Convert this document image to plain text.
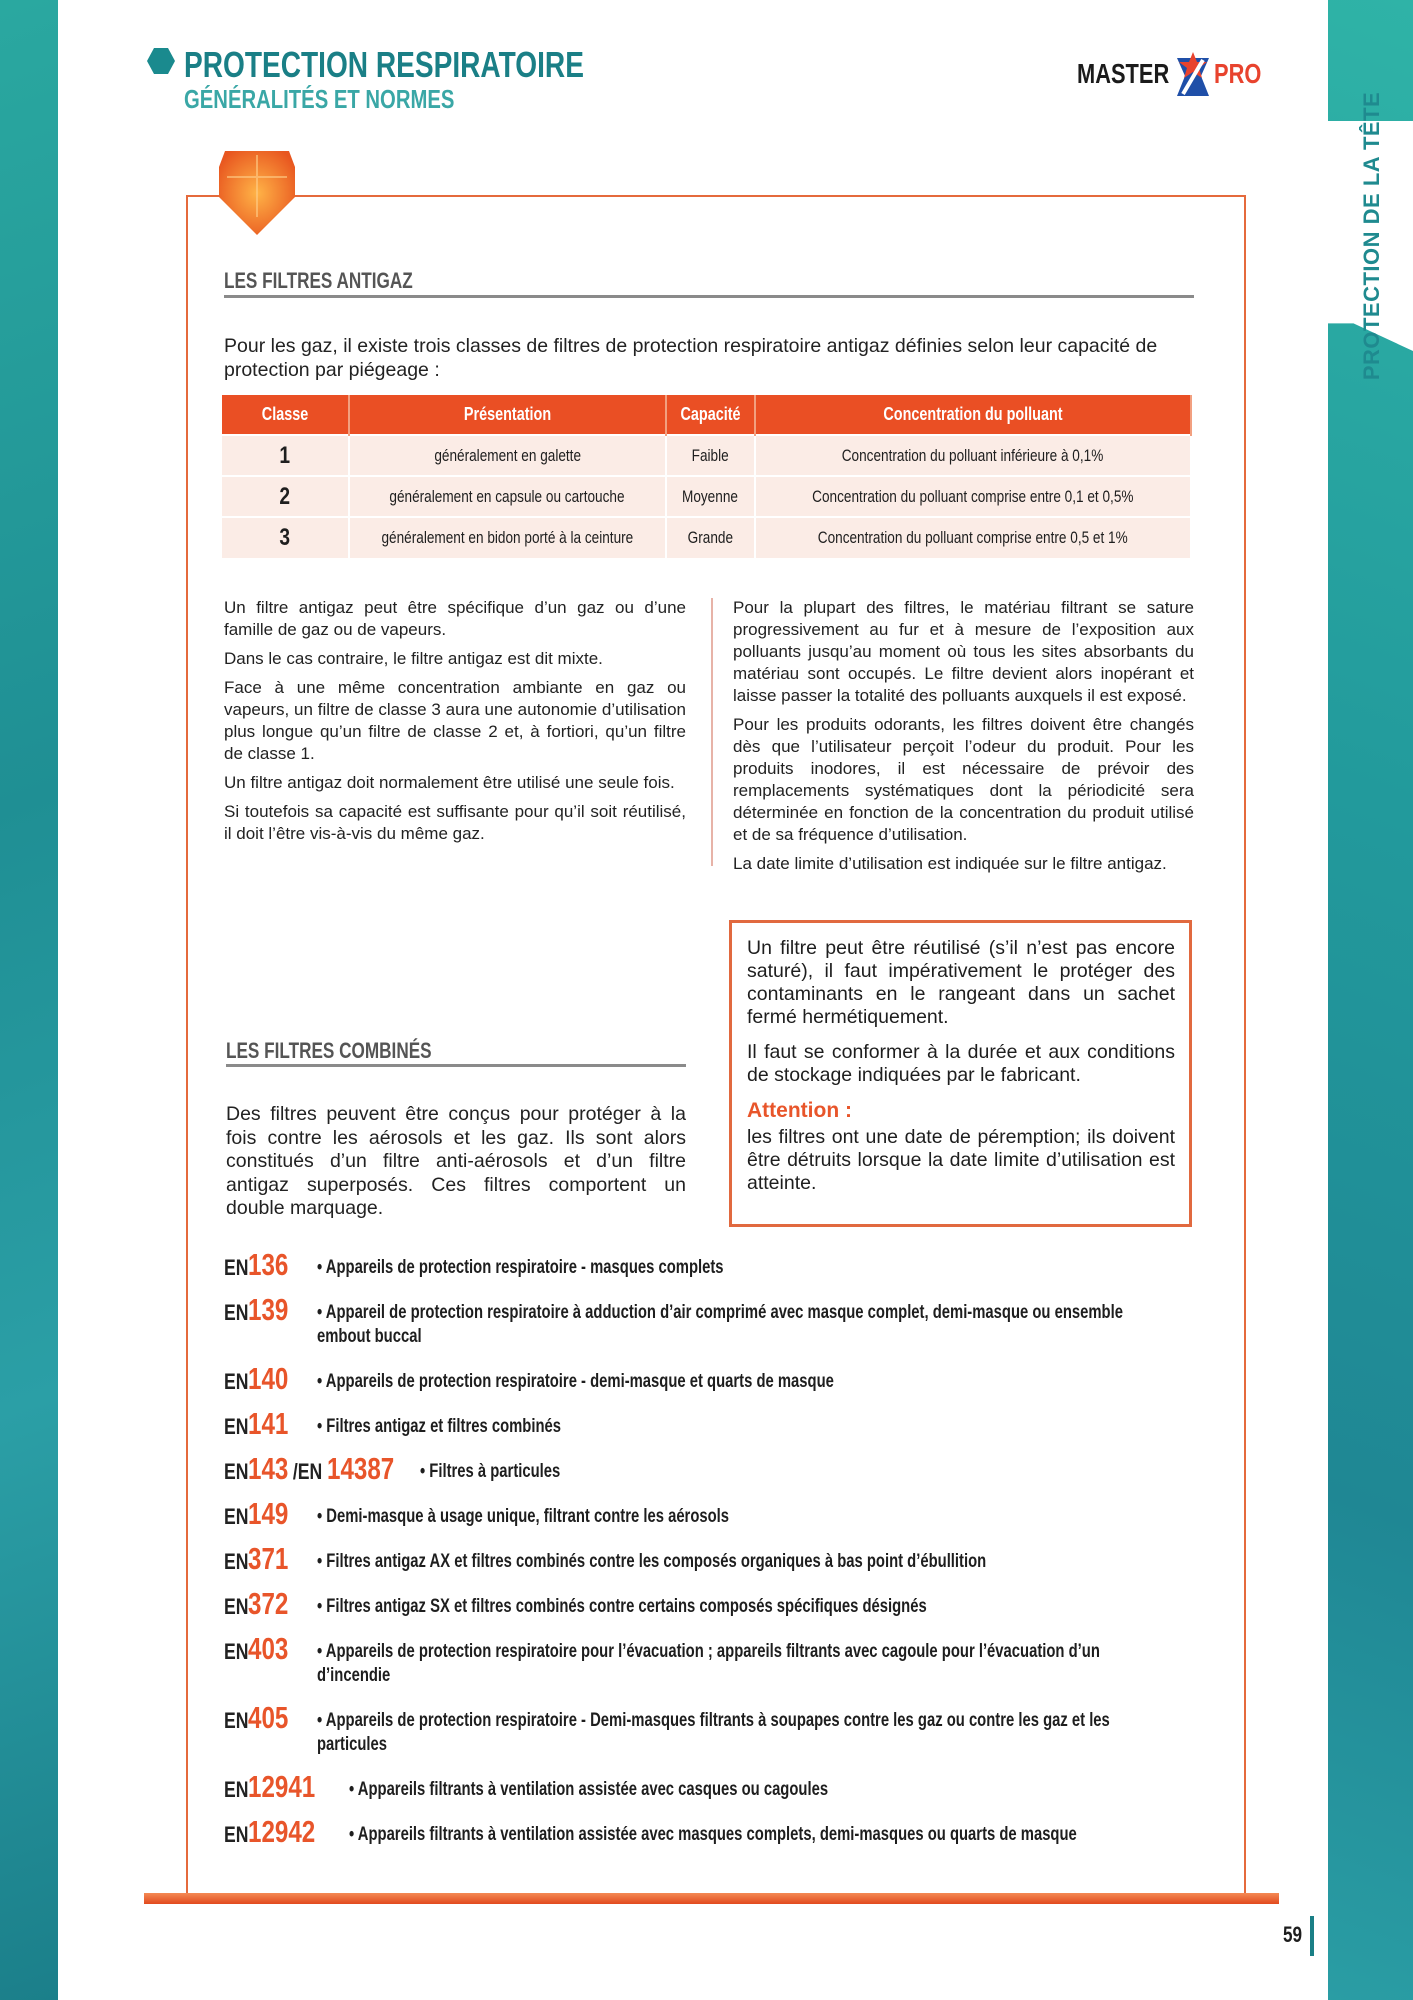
PROTECTION DE LA TÊTE
PROTECTION RESPIRATOIRE
GÉNÉRALITÉS ET NORMES
MASTER PRO
LES FILTRES ANTIGAZ
Pour les gaz, il existe trois classes de filtres de protection respiratoire antigaz définies selon leur capacité de protection par piégeage :
Classe	Présentation	Capacité	Concentration du polluant
1	généralement en galette	Faible	Concentration du polluant inférieure à 0,1%
2	généralement en capsule ou cartouche	Moyenne	Concentration du polluant comprise entre 0,1 et 0,5%
3	généralement en bidon porté à la ceinture	Grande	Concentration du polluant comprise entre 0,5 et 1%

Un filtre antigaz peut être spécifique d’un gaz ou d’une famille de gaz ou de vapeurs.

Dans le cas contraire, le filtre antigaz est dit mixte.

Face à une même concentration ambiante en gaz ou vapeurs, un filtre de classe 3 aura une autonomie d’utilisation plus longue qu’un filtre de classe 2 et, à fortiori, qu’un filtre de classe 1.

Un filtre antigaz doit normalement être utilisé une seule fois.

Si toutefois sa capacité est suffisante pour qu’il soit réutilisé, il doit l’être vis-à-vis du même gaz.

Pour la plupart des filtres, le matériau filtrant se sature progressivement au fur et à mesure de l’exposition aux polluants jusqu’au moment où tous les sites absorbants du matériau sont occupés. Le filtre devient alors inopérant et laisse passer la totalité des polluants auxquels il est exposé.

Pour les produits odorants, les filtres doivent être changés dès que l’utilisateur perçoit l’odeur du produit. Pour les produits inodores, il est nécessaire de prévoir des remplacements systématiques dont la périodicité sera déterminée en fonction de la concentration du produit utilisé et de sa fréquence d’utilisation.

La date limite d’utilisation est indiquée sur le filtre antigaz.

Un filtre peut être réutilisé (s’il n’est pas encore saturé), il faut impérativement le protéger des contaminants en le rangeant dans un sachet fermé hermétiquement.

Il faut se conformer à la durée et aux conditions de stockage indiquées par le fabricant.

Attention :

les filtres ont une date de péremption; ils doivent être détruits lorsque la date limite d’utilisation est atteinte.

LES FILTRES COMBINÉS
Des filtres peuvent être conçus pour protéger à la fois contre les aérosols et les gaz. Ils sont alors constitués d’un filtre anti-aérosols et d’un filtre antigaz superposés. Ces filtres comportent un double marquage.
EN136	• Appareils de protection respiratoire - masques complets
EN139	• Appareil de protection respiratoire à adduction d’air comprimé avec masque complet, demi-masque ou ensemble embout buccal
EN140	• Appareils de protection respiratoire - demi-masque et quarts de masque
EN141	• Filtres antigaz et filtres combinés
EN143 /EN 14387	• Filtres à particules
EN149	• Demi-masque à usage unique, filtrant contre les aérosols
EN371	• Filtres antigaz AX et filtres combinés contre les composés organiques à bas point d’ébullition
EN372	• Filtres antigaz SX et filtres combinés contre certains composés spécifiques désignés
EN403	• Appareils de protection respiratoire pour l’évacuation ; appareils filtrants avec cagoule pour l’évacuation d’un d’incendie
EN405	• Appareils de protection respiratoire - Demi-masques filtrants à soupapes contre les gaz ou contre les gaz et les particules
EN12941	• Appareils filtrants à ventilation assistée avec casques ou cagoules
EN12942	• Appareils filtrants à ventilation assistée avec masques complets, demi-masques ou quarts de masque
59
